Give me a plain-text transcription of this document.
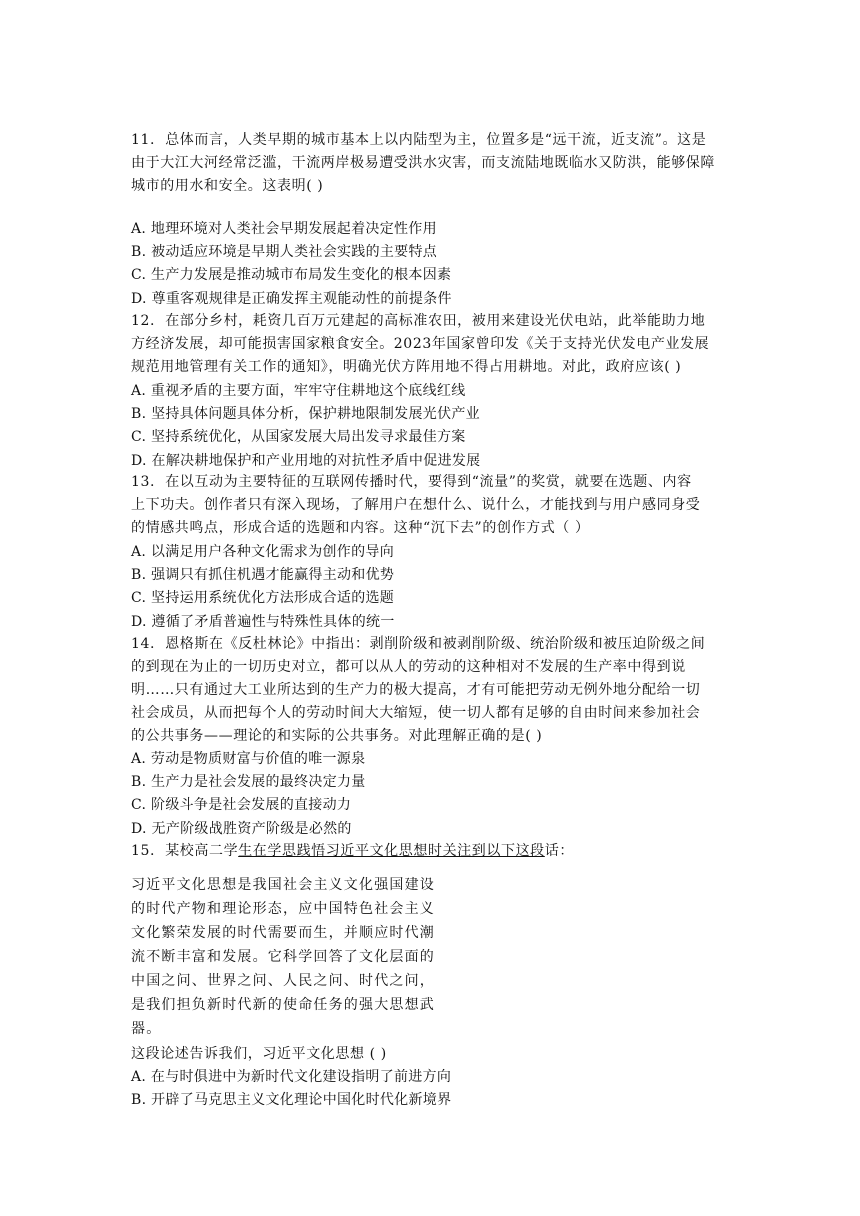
11. 总体而言，人类早期的城市基本上以内陆型为主，位置多是“远干流，近支流”。这是
由于大江大河经常泛滥，干流两岸极易遭受洪水灾害，而支流陆地既临水又防洪，能够保障
城市的用水和安全。这表明( )
A. 地理环境对人类社会早期发展起着决定性作用
B. 被动适应环境是早期人类社会实践的主要特点
C. 生产力发展是推动城市布局发生变化的根本因素
D. 尊重客观规律是正确发挥主观能动性的前提条件
12. 在部分乡村，耗资几百万元建起的高标准农田，被用来建设光伏电站，此举能助力地
方经济发展，却可能损害国家粮食安全。2023年国家曾印发《关于支持光伏发电产业发展
规范用地管理有关工作的通知》，明确光伏方阵用地不得占用耕地。对此，政府应该( )
A. 重视矛盾的主要方面，牢牢守住耕地这个底线红线
B. 坚持具体问题具体分析，保护耕地限制发展光伏产业
C. 坚持系统优化，从国家发展大局出发寻求最佳方案
D. 在解决耕地保护和产业用地的对抗性矛盾中促进发展
13. 在以互动为主要特征的互联网传播时代，要得到“流量”的奖赏，就要在选题、内容
上下功夫。创作者只有深入现场，了解用户在想什么、说什么，才能找到与用户感同身受
的情感共鸣点，形成合适的选题和内容。这种“沉下去”的创作方式（ ）
A. 以满足用户各种文化需求为创作的导向
B. 强调只有抓住机遇才能赢得主动和优势
C. 坚持运用系统优化方法形成合适的选题
D. 遵循了矛盾普遍性与特殊性具体的统一
14. 恩格斯在《反杜林论》中指出：剥削阶级和被剥削阶级、统治阶级和被压迫阶级之间
的到现在为止的一切历史对立，都可以从人的劳动的这种相对不发展的生产率中得到说
明……只有通过大工业所达到的生产力的极大提高，才有可能把劳动无例外地分配给一切
社会成员，从而把每个人的劳动时间大大缩短，使一切人都有足够的自由时间来参加社会
的公共事务——理论的和实际的公共事务。对此理解正确的是( )
A. 劳动是物质财富与价值的唯一源泉
B. 生产力是社会发展的最终决定力量
C. 阶级斗争是社会发展的直接动力
D. 无产阶级战胜资产阶级是必然的
15. 某校高二学生在学思践悟习近平文化思想时关注到以下这段话：
习近平文化思想是我国社会主义文化强国建设
的时代产物和理论形态，应中国特色社会主义
文化繁荣发展的时代需要而生，并顺应时代潮
流不断丰富和发展。它科学回答了文化层面的
中国之问、世界之问、人民之问、时代之问，
是我们担负新时代新的使命任务的强大思想武
器。
这段论述告诉我们，习近平文化思想 ( )
A. 在与时俱进中为新时代文化建设指明了前进方向
B. 开辟了马克思主义文化理论中国化时代化新境界
